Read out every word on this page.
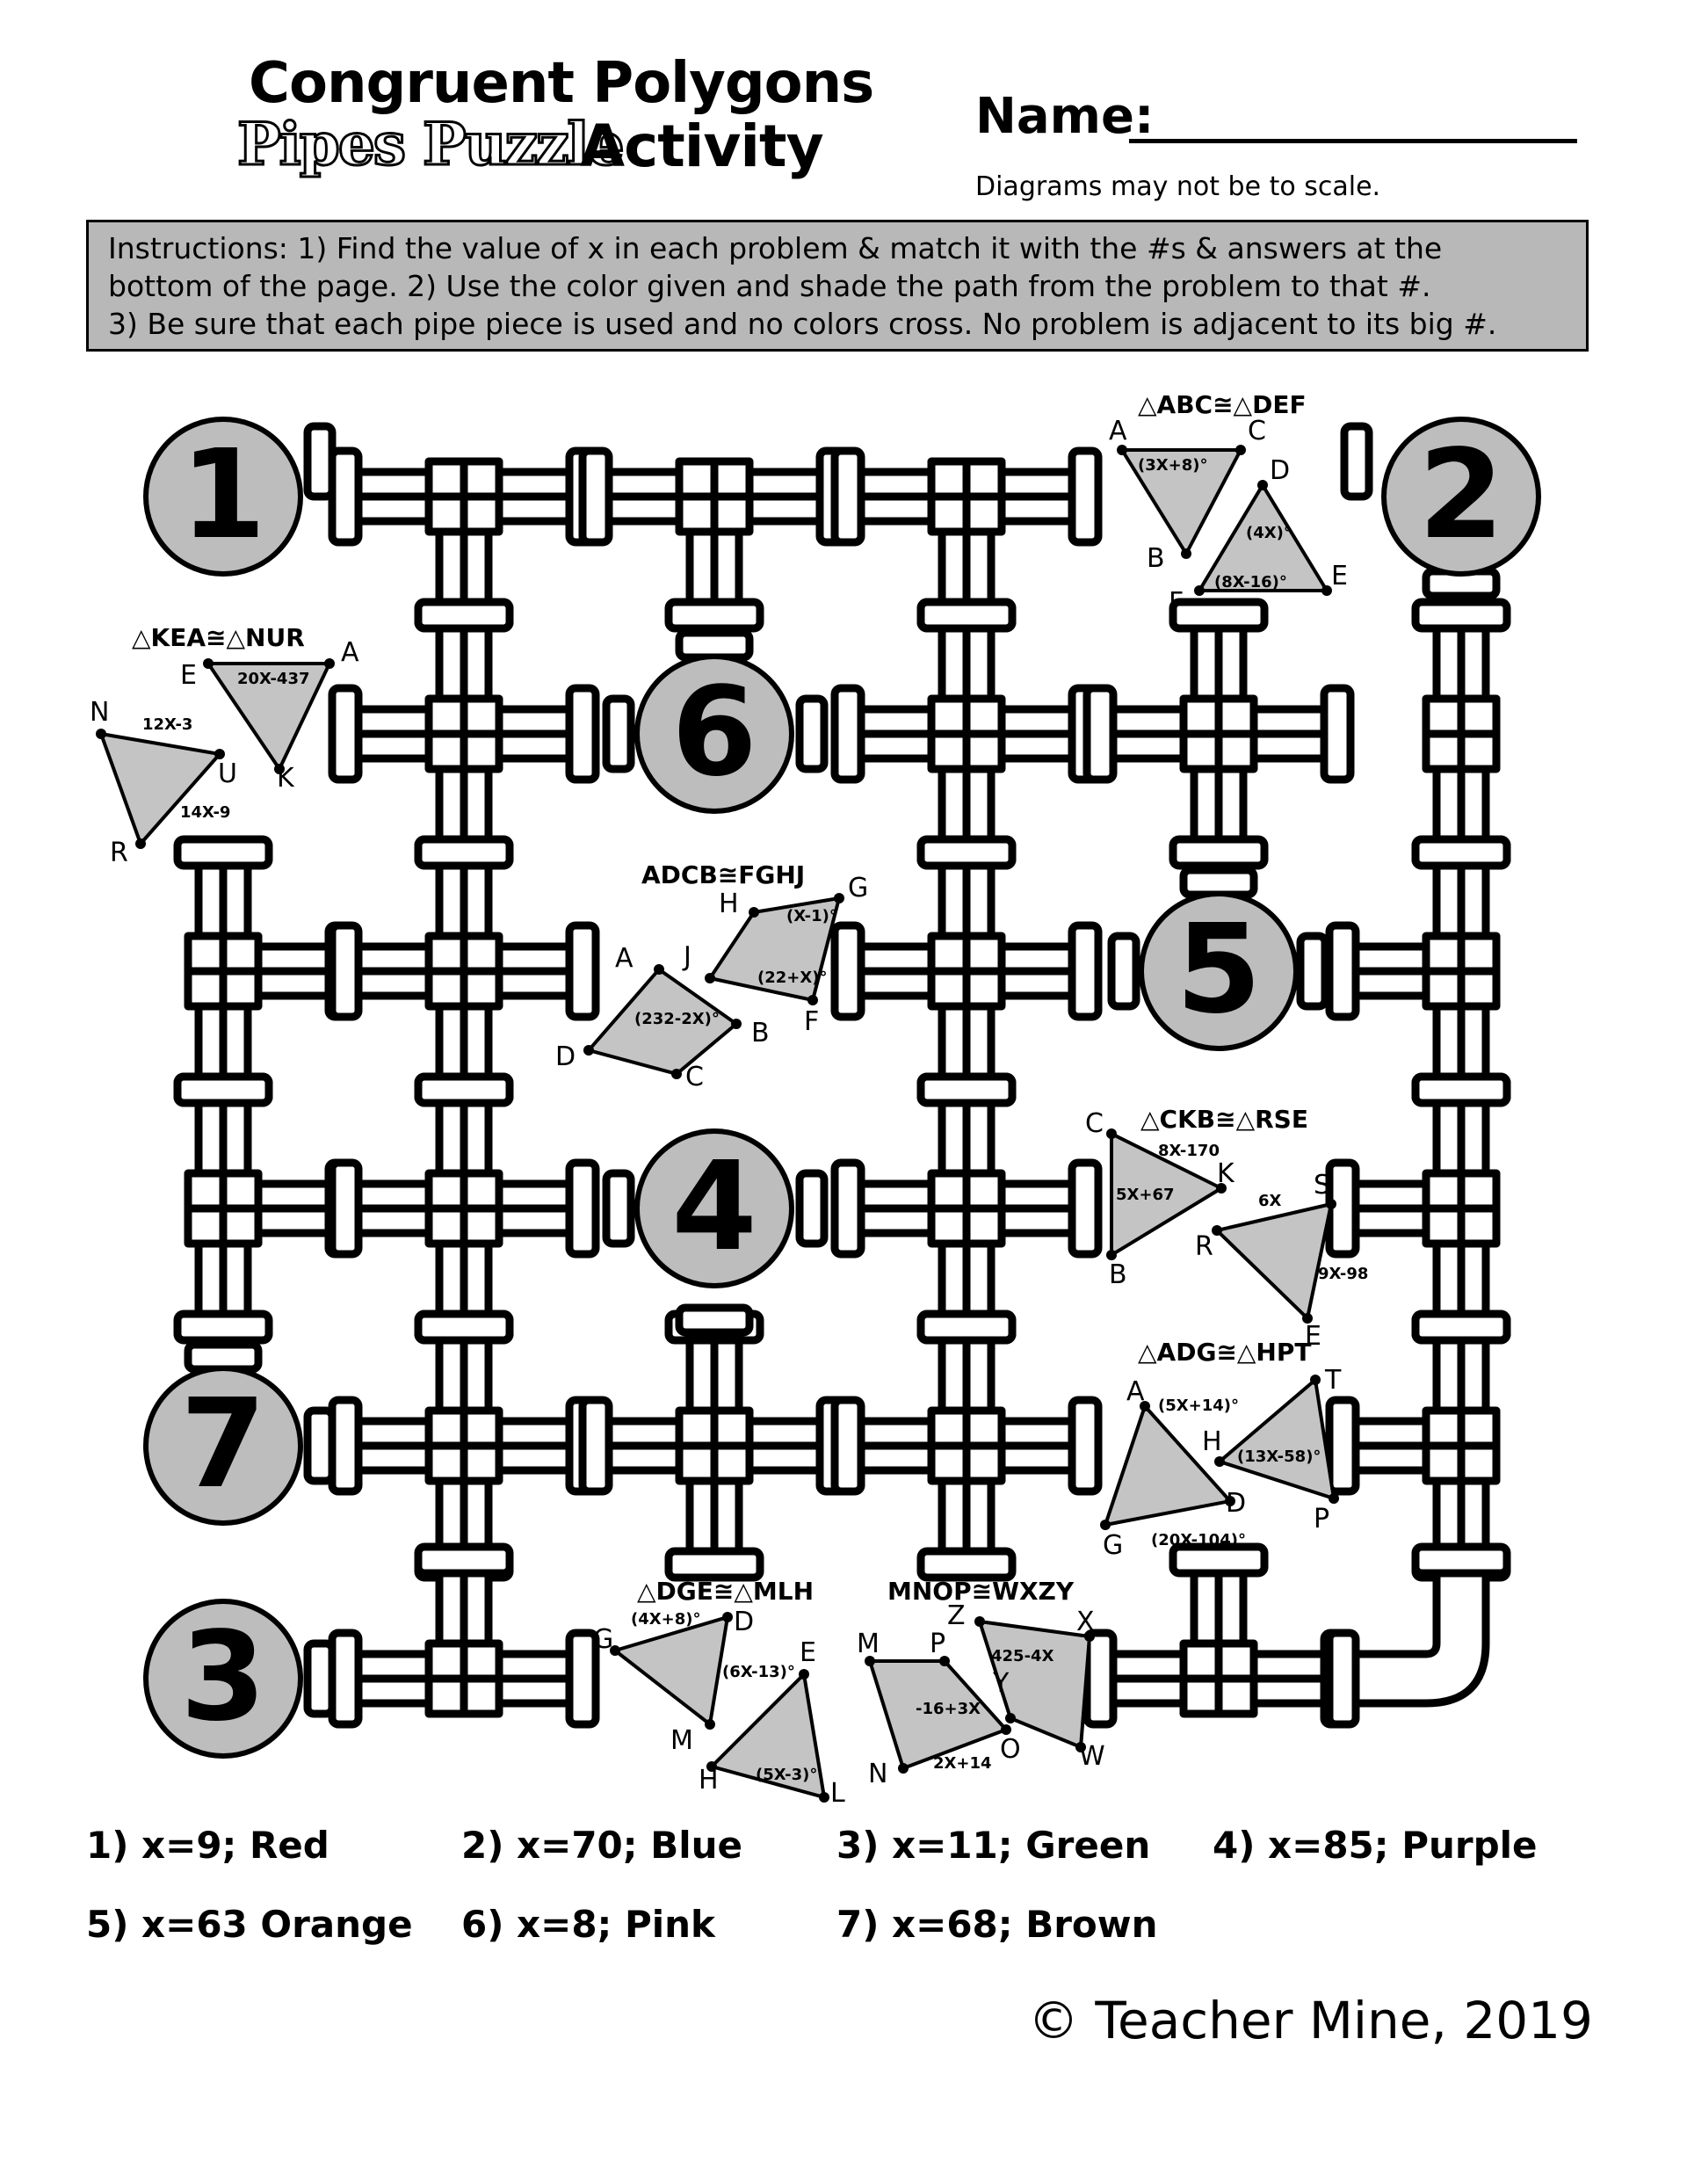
Congruent Polygons
Pipes Puzzle
Activity	Name:
Diagrams may not be to scale.
Instructions: 1) Find the value of x in each problem & match it with the #s & answers at the
bottom of the page. 2) Use the color given and shade the path from the problem to that #.
3) Be sure that each pipe piece is used and no colors cross. No problem is adjacent to its big #.
1	2
3
4
5
6
7
△ABC≅△DEF
A	C
B
D
F
E
(3X+8)°
(4X)°
(8X-16)°
△KEA≅△NUR
E
A
K
N
U
R
20X-437
12X-3
14X-9
ADCB≅FGHJ
H
G
J
F
A
B
D
C
(X-1)°
(22+X)°
(232-2X)°
△CKB≅△RSE
C
K
B
S
R
E
8X-170
5X+67	6X
9X-98
△ADG≅△HPT
A	T
H
D
P
G
(5X+14)°
(13X-58)°
(20X-104)°
△DGE≅△MLH
G
D
M
E
H	L
(4X+8)°
(6X-13)°
(5X-3)°
MNOP≅WXZY
Z	X
M P
Y
N
O W
425-4X
-16+3X
2X+14
1) x=9; Red	2) x=70; Blue	3) x=11; Green 4) x=85; Purple
5) x=63 Orange 6) x=8; Pink	7) x=68; Brown
© Teacher Mine, 2019
